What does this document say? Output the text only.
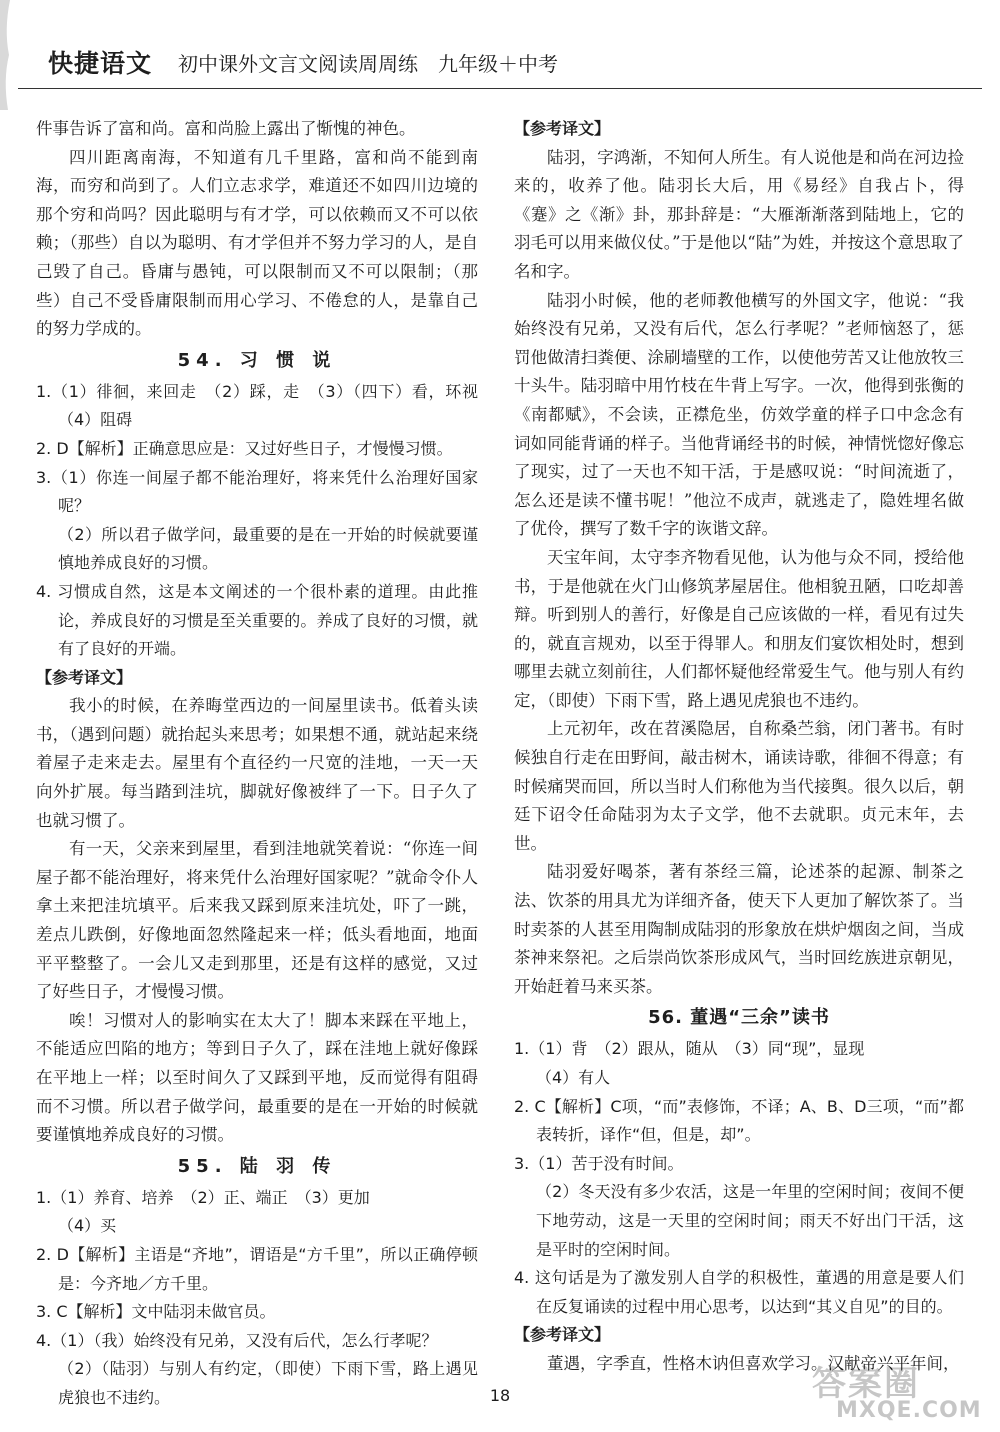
快捷语文 初中课外文言文阅读周周练　九年级＋中考

件事告诉了富和尚。富和尚脸上露出了惭愧的神色。

四川距离南海，不知道有几千里路，富和尚不能到南海，而穷和尚到了。人们立志求学，难道还不如四川边境的那个穷和尚吗？因此聪明与有才学，可以依赖而又不可以依赖；（那些）自以为聪明、有才学但并不努力学习的人，是自己毁了自己。昏庸与愚钝，可以限制而又不可以限制；（那些）自己不受昏庸限制而用心学习、不倦怠的人，是靠自己的努力学成的。

54. 习 惯 说

1.（1）徘徊，来回走　（2）踩，走　（3）（四下）看，环视　（4）阻碍

2. D【解析】正确意思应是：又过好些日子，才慢慢习惯。

3.（1）你连一间屋子都不能治理好，将来凭什么治理好国家呢？

（2）所以君子做学问，最重要的是在一开始的时候就要谨慎地养成良好的习惯。

4. 习惯成自然，这是本文阐述的一个很朴素的道理。由此推论，养成良好的习惯是至关重要的。养成了良好的习惯，就有了良好的开端。

【参考译文】

我小的时候，在养晦堂西边的一间屋里读书。低着头读书，（遇到问题）就抬起头来思考；如果想不通，就站起来绕着屋子走来走去。屋里有个直径约一尺宽的洼地，一天一天向外扩展。每当踏到洼坑，脚就好像被绊了一下。日子久了也就习惯了。

有一天，父亲来到屋里，看到洼地就笑着说：“你连一间屋子都不能治理好，将来凭什么治理好国家呢？”就命令仆人拿土来把洼坑填平。后来我又踩到原来洼坑处，吓了一跳，差点儿跌倒，好像地面忽然隆起来一样；低头看地面，地面平平整整了。一会儿又走到那里，还是有这样的感觉，又过了好些日子，才慢慢习惯。

唉！习惯对人的影响实在太大了！脚本来踩在平地上，不能适应凹陷的地方；等到日子久了，踩在洼地上就好像踩在平地上一样；以至时间久了又踩到平地，反而觉得有阻碍而不习惯。所以君子做学问，最重要的是在一开始的时候就要谨慎地养成良好的习惯。

55. 陆 羽 传

1.（1）养育、培养　（2）正、端正　（3）更加

（4）买

2. D【解析】主语是“齐地”，谓语是“方千里”，所以正确停顿是：今齐地／方千里。

3. C【解析】文中陆羽未做官员。

4.（1）（我）始终没有兄弟，又没有后代，怎么行孝呢？

（2）（陆羽）与别人有约定，（即使）下雨下雪，路上遇见虎狼也不违约。

【参考译文】

陆羽，字鸿渐，不知何人所生。有人说他是和尚在河边捡来的，收养了他。陆羽长大后，用《易经》自我占卜，得《蹇》之《渐》卦，那卦辞是：“大雁渐渐落到陆地上，它的羽毛可以用来做仪仗。”于是他以“陆”为姓，并按这个意思取了名和字。

陆羽小时候，他的老师教他横写的外国文字，他说：“我始终没有兄弟，又没有后代，怎么行孝呢？”老师恼怒了，惩罚他做清扫粪便、涂刷墙壁的工作，以使他劳苦又让他放牧三十头牛。陆羽暗中用竹枝在牛背上写字。一次，他得到张衡的《南都赋》，不会读，正襟危坐，仿效学童的样子口中念念有词如同能背诵的样子。当他背诵经书的时候，神情恍惚好像忘了现实，过了一天也不知干活，于是感叹说：“时间流逝了，怎么还是读不懂书呢！”他泣不成声，就逃走了，隐姓埋名做了优伶，撰写了数千字的诙谐文辞。

天宝年间，太守李齐物看见他，认为他与众不同，授给他书，于是他就在火门山修筑茅屋居住。他相貌丑陋，口吃却善辩。听到别人的善行，好像是自己应该做的一样，看见有过失的，就直言规劝，以至于得罪人。和朋友们宴饮相处时，想到哪里去就立刻前往，人们都怀疑他经常爱生气。他与别人有约定，（即使）下雨下雪，路上遇见虎狼也不违约。

上元初年，改在苕溪隐居，自称桑苎翁，闭门著书。有时候独自行走在田野间，敲击树木，诵读诗歌，徘徊不得意；有时候痛哭而回，所以当时人们称他为当代接舆。很久以后，朝廷下诏令任命陆羽为太子文学，他不去就职。贞元末年，去世。

陆羽爱好喝茶，著有茶经三篇，论述茶的起源、制茶之法、饮茶的用具尤为详细齐备，使天下人更加了解饮茶了。当时卖茶的人甚至用陶制成陆羽的形象放在烘炉烟囱之间，当成茶神来祭祀。之后崇尚饮茶形成风气，当时回纥族进京朝见，开始赶着马来买茶。

56. 董遇“三余”读书

1.（1）背　（2）跟从，随从　（3）同“现”，显现

（4）有人

2. C【解析】C项，“而”表修饰，不译；A、B、D三项，“而”都表转折，译作“但，但是，却”。

3.（1）苦于没有时间。

（2）冬天没有多少农活，这是一年里的空闲时间；夜间不便下地劳动，这是一天里的空闲时间；雨天不好出门干活，这是平时的空闲时间。

4. 这句话是为了激发别人自学的积极性，董遇的用意是要人们在反复诵读的过程中用心思考，以达到“其义自见”的目的。

【参考译文】

董遇，字季直，性格木讷但喜欢学习。汉献帝兴平年间，

18	答案圈
MXQE.COM
